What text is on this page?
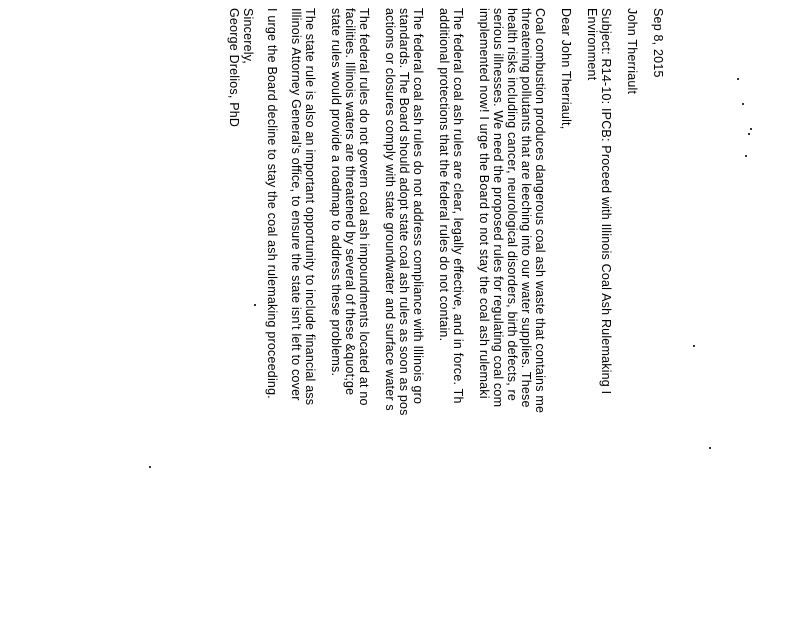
Sep 8, 2015

John Therriault

Subject: R14-10: IPCB: Proceed with Illinois Coal Ash Rulemaking I

Environment

Dear John Therriault,

Coal combustion produces dangerous coal ash waste that contains me

threatening pollutants that are leeching into our water supplies. These

health risks including cancer, neurological disorders, birth defects, re

serious illnesses. We need the proposed rules for regulating coal com

implemented now! I urge the Board to not stay the coal ash rulemaki

The federal coal ash rules are clear, legally effective, and in force. Th

additional protections that the federal rules do not contain.

The federal coal ash rules do not address compliance with Illinois gro

standards. The Board should adopt state coal ash rules as soon as pos

actions or closures comply with state groundwater and surface water s

The federal rules do not govern coal ash impoundments located at no

facilities. Illinois waters are threatened by several of these &quot;ge

state rules would provide a roadmap to address these problems.

The state rule is also an important opportunity to include financial ass

Illinois Attorney General's office, to ensure the state isn't left to cover

I urge the Board decline to stay the coal ash rulemaking proceeding.

Sincerely,

George Drelios, PhD
